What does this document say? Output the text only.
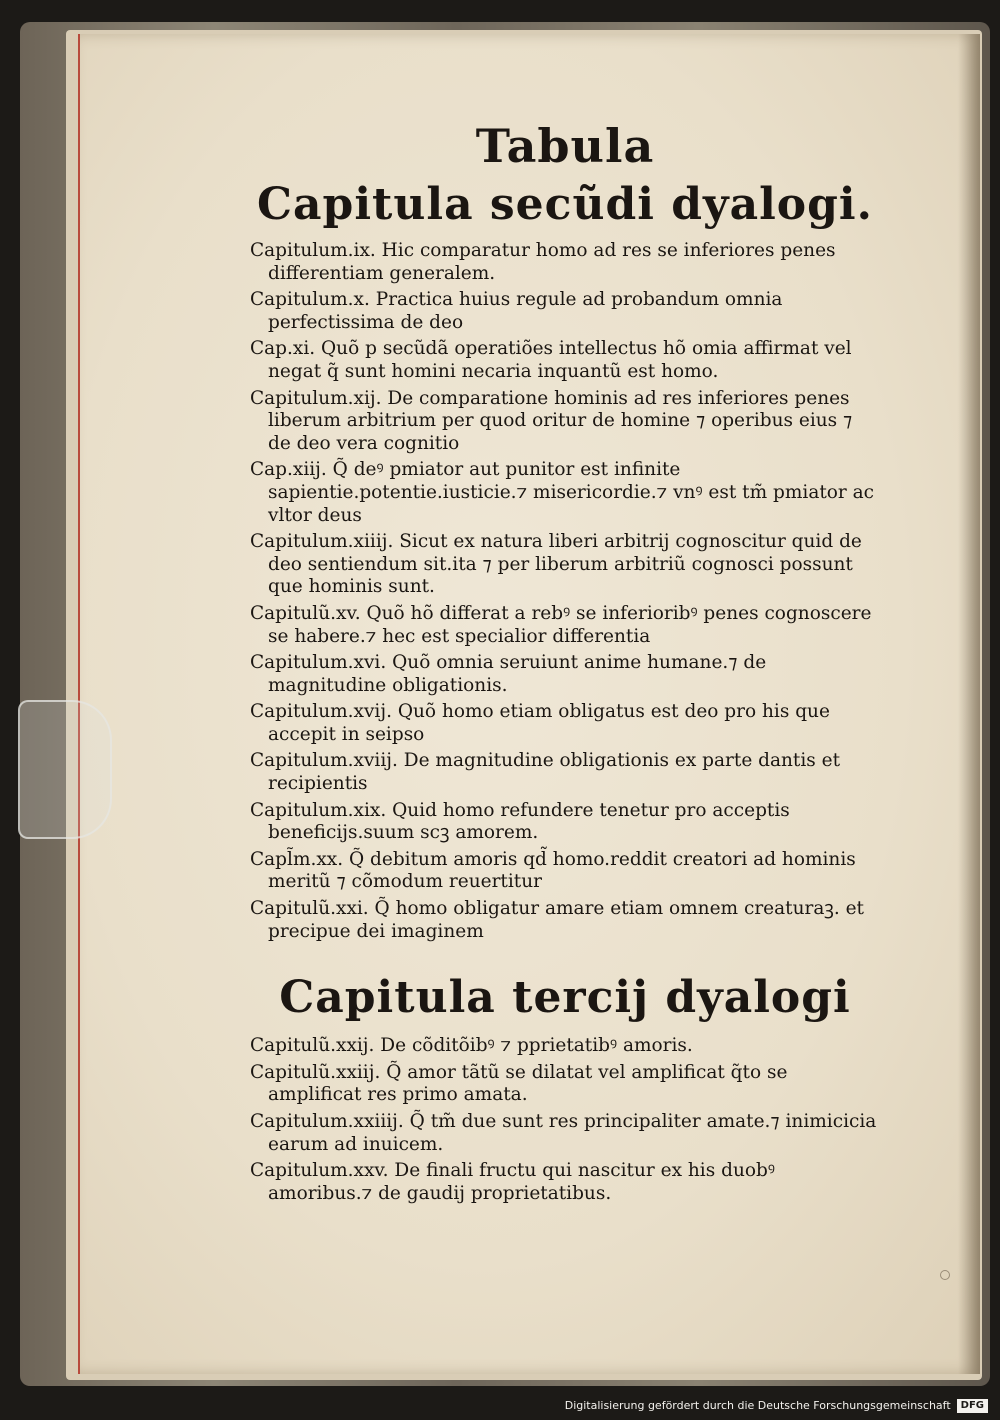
Tabula
Capitula secũdi dyalogi.
Capitulum.ix. Hic comparatur homo ad res se inferiores penes differentiam generalem.
Capitulum.x. Practica huius regule ad probandum omnia perfectissima de deo
Cap.xi. Quõ p secũdã operatiões intellectus hõ omia affirmat vel negat q̃ sunt homini necaria inquantũ est homo.
Capitulum.xij. De comparatione hominis ad res inferiores penes liberum arbitrium per quod oritur de homine ⁊ operibus eius ⁊ de deo vera cognitio
Cap.xiij. Q̃ deꝰ pmiator aut punitor est infinite sapientie.potentie.iusticie.⁊ misericordie.⁊ vnꝰ est tm̃ pmiator ac vltor deus
Capitulum.xiiij. Sicut ex natura liberi arbitrij cognoscitur quid de deo sentiendum sit.ita ⁊ per liberum arbitriũ cognosci possunt que hominis sunt.
Capitulũ.xv. Quõ hõ differat a rebꝰ se inferioribꝰ penes cognoscere se habere.⁊ hec est specialior differentia
Capitulum.xvi. Quõ omnia seruiunt anime humane.⁊ de magnitudine obligationis.
Capitulum.xvij. Quõ homo etiam obligatus est deo pro his que accepit in seipso
Capitulum.xviij. De magnitudine obligationis ex parte dantis et recipientis
Capitulum.xix. Quid homo refundere tenetur pro acceptis beneficijs.suum scꝫ amorem.
Capl̃m.xx. Q̃ debitum amoris qd̃ homo.reddit creatori ad hominis meritũ ⁊ cõmodum reuertitur
Capitulũ.xxi. Q̃ homo obligatur amare etiam omnem creaturaꝫ. et precipue dei imaginem
Capitula tercij dyalogi
Capitulũ.xxij. De cõditõibꝰ ⁊ pprietatibꝰ amoris.
Capitulũ.xxiij. Q̃ amor tãtũ se dilatat vel amplificat q̃to se amplificat res primo amata.
Capitulum.xxiiij. Q̃ tm̃ due sunt res principaliter amate.⁊ inimicicia earum ad inuicem.
Capitulum.xxv. De finali fructu qui nascitur ex his duobꝰ amoribus.⁊ de gaudij proprietatibus.
Digitalisierung gefördert durch die Deutsche Forschungsgemeinschaft	DFG
